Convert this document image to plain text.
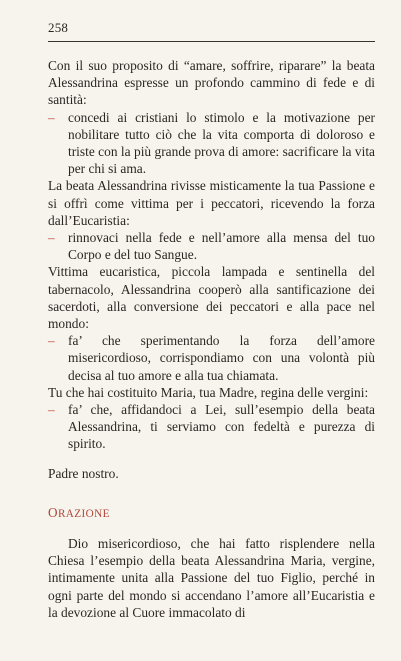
258

Con il suo proposito di “amare, soffrire, riparare” la beata Alessandrina espresse un profondo cammino di fede e di santità:

– concedi ai cristiani lo stimolo e la motivazione per nobilitare tutto ciò che la vita comporta di doloroso e triste con la più grande prova di amore: sacrificare la vita per chi si ama.

La beata Alessandrina rivisse misticamente la tua Passione e si offrì come vittima per i peccatori, ricevendo la forza dall’Eucaristia:

– rinnovaci nella fede e nell’amore alla mensa del tuo Corpo e del tuo Sangue.

Vittima eucaristica, piccola lampada e sentinella del tabernacolo, Alessandrina cooperò alla santificazione dei sacerdoti, alla conversione dei peccatori e alla pace nel mondo:

– fa’ che sperimentando la forza dell’amore misericordioso, corrispondiamo con una volontà più decisa al tuo amore e alla tua chiamata.

Tu che hai costituito Maria, tua Madre, regina delle vergini:

– fa’ che, affidandoci a Lei, sull’esempio della beata Alessandrina, ti serviamo con fedeltà e purezza di spirito.

Padre nostro.

ORAZIONE

Dio misericordioso, che hai fatto risplendere nella Chiesa l’esempio della beata Alessandrina Maria, vergine, intimamente unita alla Passione del tuo Figlio, perché in ogni parte del mondo si accendano l’amore all’Eucaristia e la devozione al Cuore immacolato di
